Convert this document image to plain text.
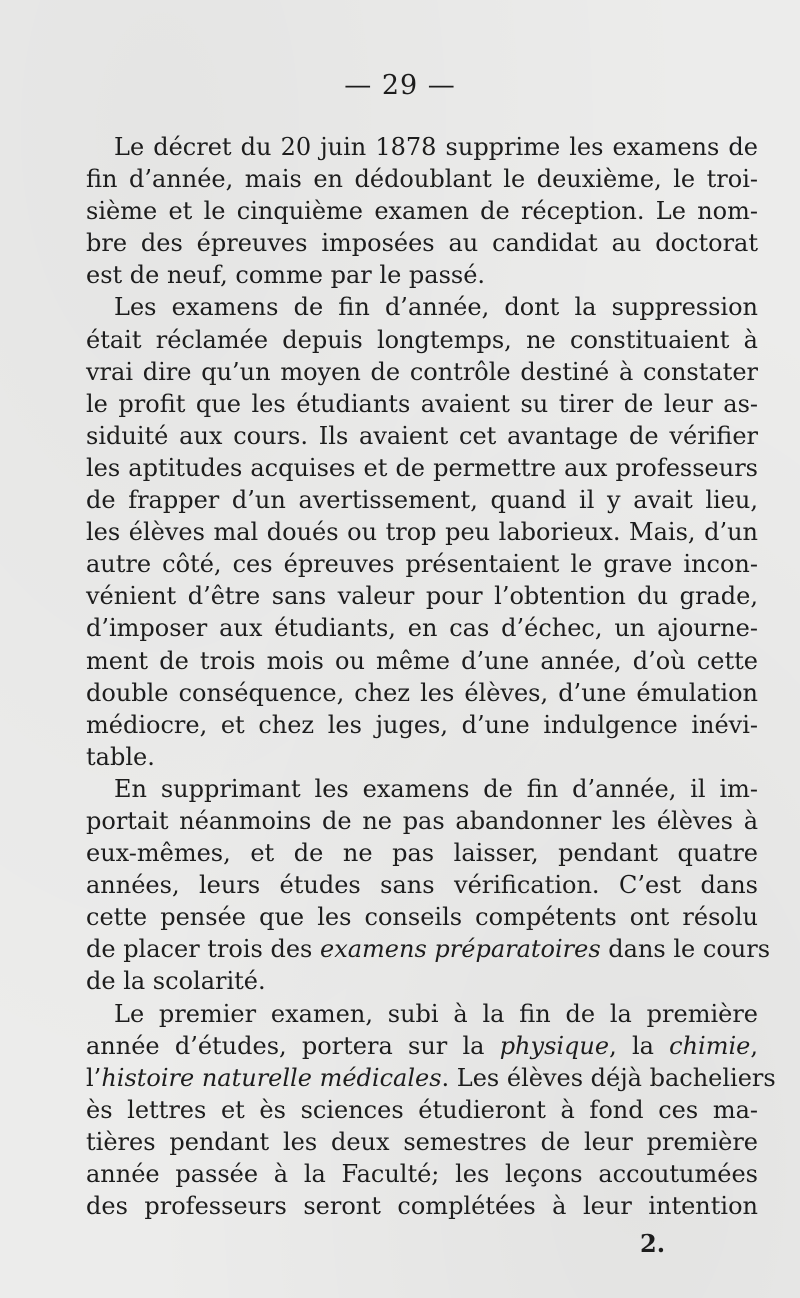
— 29 —
Le décret du 20 juin 1878 supprime les examens de
fin d’année, mais en dédoublant le deuxième, le troi-
sième et le cinquième examen de réception. Le nom-
bre des épreuves imposées au candidat au doctorat
est de neuf, comme par le passé.
Les examens de fin d’année, dont la suppression
était réclamée depuis longtemps, ne constituaient à
vrai dire qu’un moyen de contrôle destiné à constater
le profit que les étudiants avaient su tirer de leur as-
siduité aux cours. Ils avaient cet avantage de vérifier
les aptitudes acquises et de permettre aux professeurs
de frapper d’un avertissement, quand il y avait lieu,
les élèves mal doués ou trop peu laborieux. Mais, d’un
autre côté, ces épreuves présentaient le grave incon-
vénient d’être sans valeur pour l’obtention du grade,
d’imposer aux étudiants, en cas d’échec, un ajourne-
ment de trois mois ou même d’une année, d’où cette
double conséquence, chez les élèves, d’une émulation
médiocre, et chez les juges, d’une indulgence inévi-
table.
En supprimant les examens de fin d’année, il im-
portait néanmoins de ne pas abandonner les élèves à
eux-mêmes, et de ne pas laisser, pendant quatre
années, leurs études sans vérification. C’est dans
cette pensée que les conseils compétents ont résolu
de placer trois des examens préparatoires dans le cours
de la scolarité.
Le premier examen, subi à la fin de la première
année d’études, portera sur la physique, la chimie,
l’histoire naturelle médicales. Les élèves déjà bacheliers
ès lettres et ès sciences étudieront à fond ces ma-
tières pendant les deux semestres de leur première
année passée à la Faculté; les leçons accoutumées
des professeurs seront complétées à leur intention
2.
